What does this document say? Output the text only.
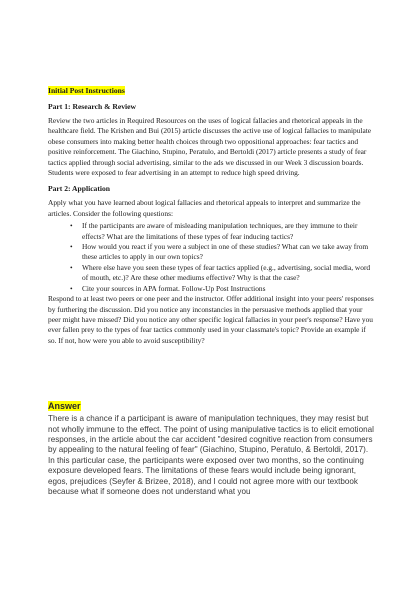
Initial Post Instructions

Part 1: Research & Review

Review the two articles in Required Resources on the uses of logical fallacies and rhetorical appeals in the healthcare field. The Krishen and Bui (2015) article discusses the active use of logical fallacies to manipulate obese consumers into making better health choices through two oppositional approaches: fear tactics and positive reinforcement. The Giachino, Stupino, Peratulo, and Bertoldi (2017) article presents a study of fear tactics applied through social advertising, similar to the ads we discussed in our Week 3 discussion boards. Students were exposed to fear advertising in an attempt to reduce high speed driving.

Part 2: Application

Apply what you have learned about logical fallacies and rhetorical appeals to interpret and summarize the articles. Consider the following questions:

• If the participants are aware of misleading manipulation techniques, are they immune to their effects? What are the limitations of these types of fear inducing tactics?
• How would you react if you were a subject in one of these studies? What can we take away from these articles to apply in our own topics?
• Where else have you seen these types of fear tactics applied (e.g., advertising, social media, word of mouth, etc.)? Are these other mediums effective? Why is that the case?
• Cite your sources in APA format. Follow-Up Post Instructions

Respond to at least two peers or one peer and the instructor. Offer additional insight into your peers' responses by furthering the discussion. Did you notice any inconstancies in the persuasive methods applied that your peer might have missed? Did you notice any other specific logical fallacies in your peer's response? Have you ever fallen prey to the types of fear tactics commonly used in your classmate's topic? Provide an example if so. If not, how were you able to avoid susceptibility?

Answer

There is a chance if a participant is aware of manipulation techniques, they may resist but not wholly immune to the effect. The point of using manipulative tactics is to elicit emotional responses, in the article about the car accident "desired cognitive reaction from consumers by appealing to the natural feeling of fear" (Giachino, Stupino, Peratulo, & Bertoldi, 2017). In this particular case, the participants were exposed over two months, so the continuing exposure developed fears. The limitations of these fears would include being ignorant, egos, prejudices (Seyfer & Brizee, 2018), and I could not agree more with our textbook because what if someone does not understand what you
